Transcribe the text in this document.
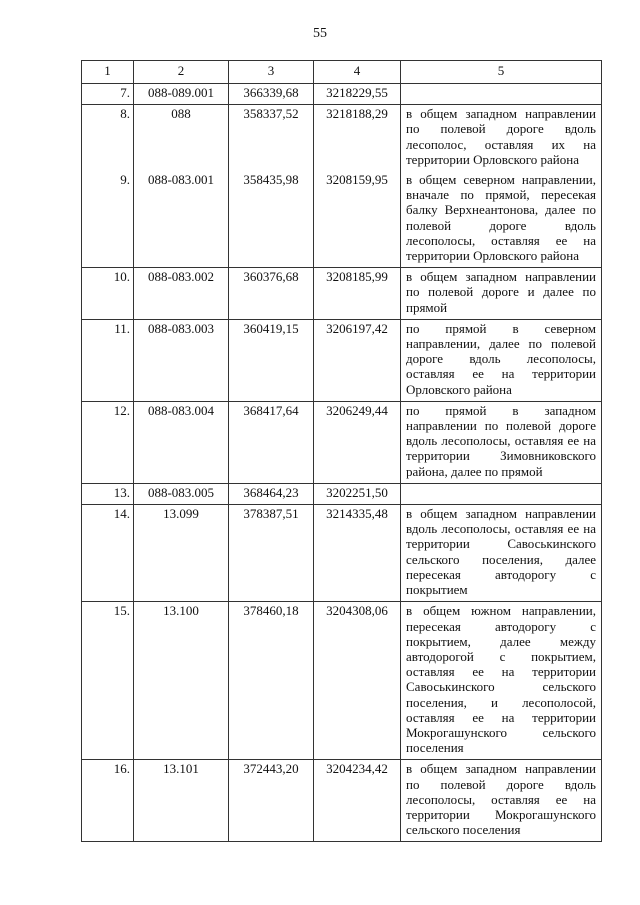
55
1	2	3	4	5
7.	088-089.001	366339,68	3218229,55	
8.	088	358337,52	3218188,29	в общем западном направлении по полевой дороге вдоль лесополос, оставляя их на территории Орловского района
9.	088-083.001	358435,98	3208159,95	в общем северном направлении, вначале по прямой, пересекая балку Верхнеантонова, далее по полевой дороге вдоль лесополосы, оставляя ее на территории Орловского района
10.	088-083.002	360376,68	3208185,99	в общем западном направлении по полевой дороге и далее по прямой
11.	088-083.003	360419,15	3206197,42	по прямой в северном направлении, далее по полевой дороге вдоль лесополосы, оставляя ее на территории Орловского района
12.	088-083.004	368417,64	3206249,44	по прямой в западном направлении по полевой дороге вдоль лесополосы, оставляя ее на территории Зимовниковского района, далее по прямой
13.	088-083.005	368464,23	3202251,50	
14.	13.099	378387,51	3214335,48	в общем западном направлении вдоль лесополосы, оставляя ее на территории Савоськинского сельского поселения, далее пересекая автодорогу с покрытием
15.	13.100	378460,18	3204308,06	в общем южном направлении, пересекая автодорогу с покрытием, далее между автодорогой с покрытием, оставляя ее на территории Савоськинского сельского поселения, и лесополосой, оставляя ее на территории Мокрогашунского сельского поселения
16.	13.101	372443,20	3204234,42	в общем западном направлении по полевой дороге вдоль лесополосы, оставляя ее на территории Мокрогашунского сельского поселения
